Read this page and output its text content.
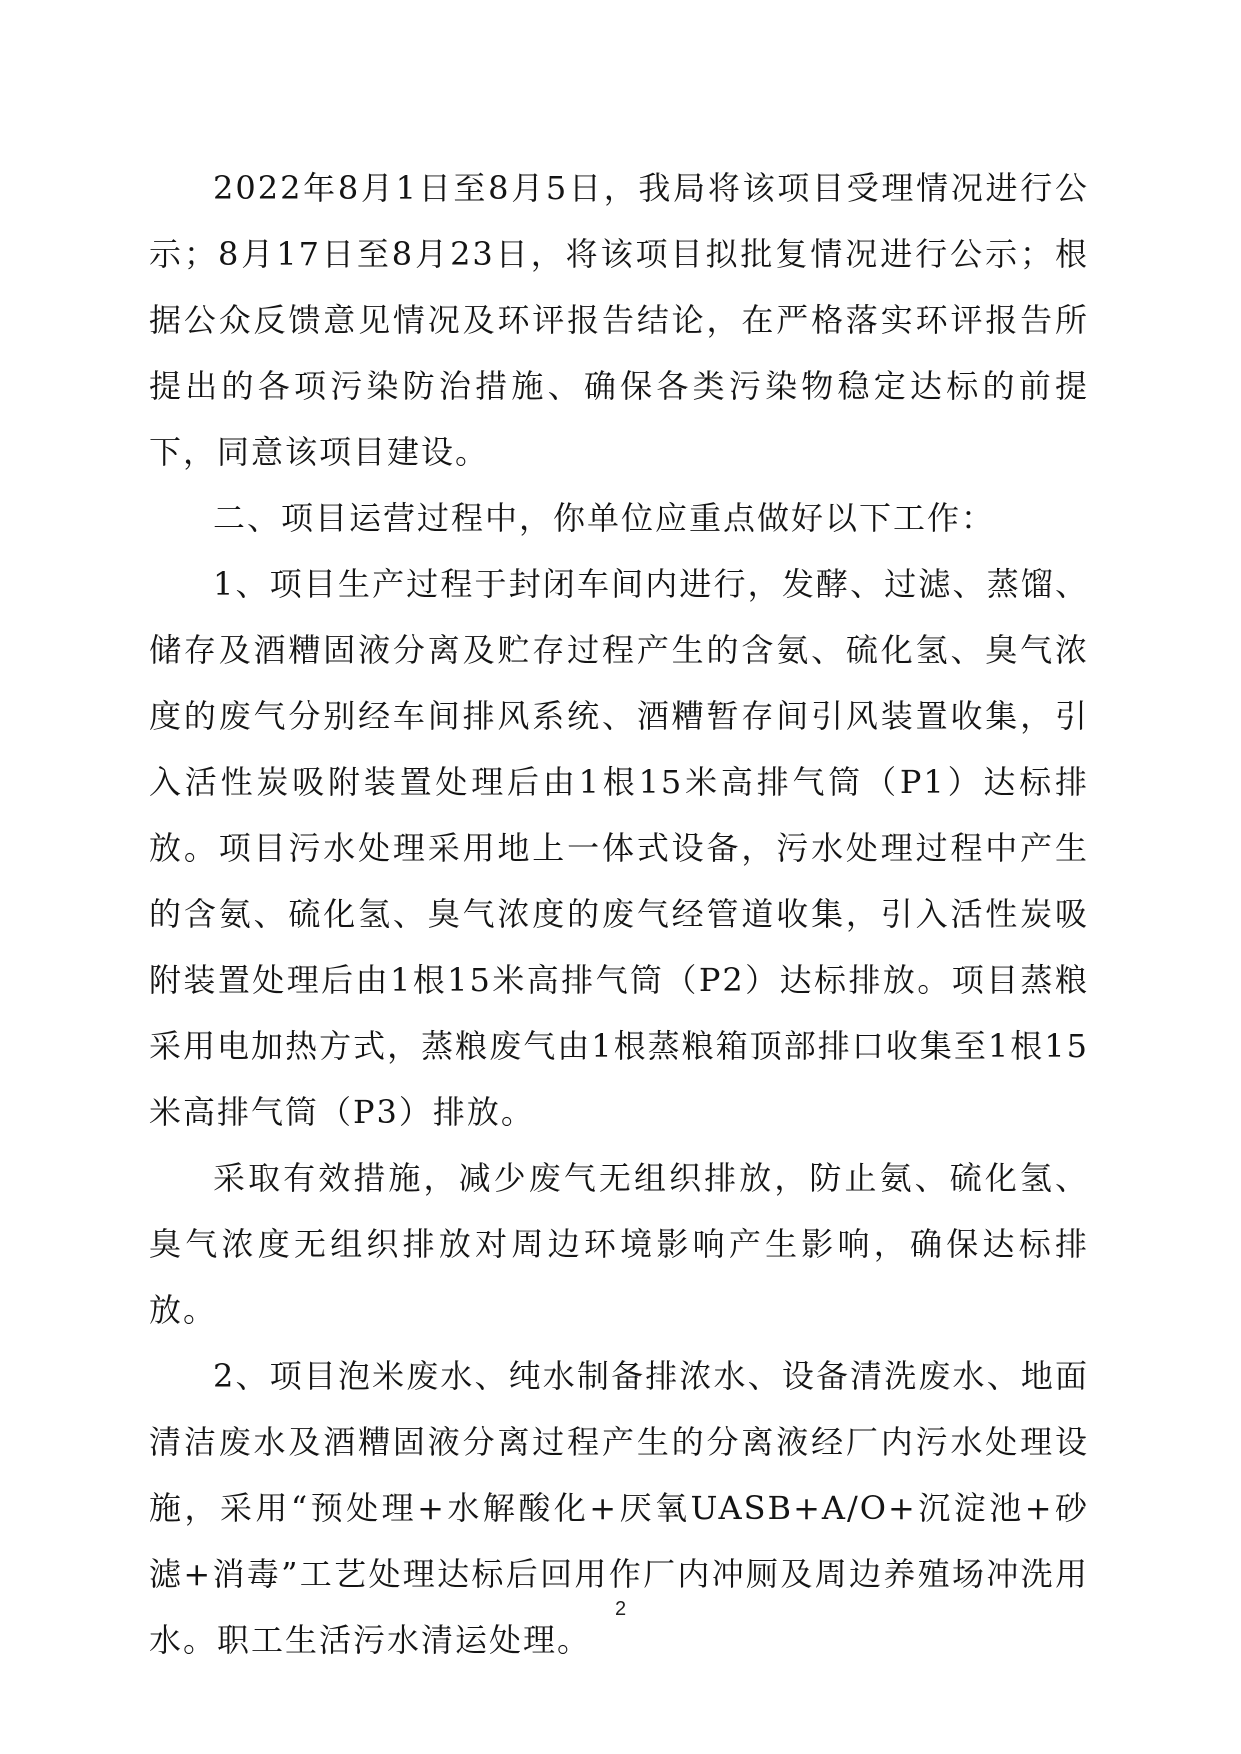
2022年8月1日至8月5日，我局将该项目受理情况进行公示；8月17日至8月23日，将该项目拟批复情况进行公示；根据公众反馈意见情况及环评报告结论，在严格落实环评报告所提出的各项污染防治措施、确保各类污染物稳定达标的前提下，同意该项目建设。

二、项目运营过程中，你单位应重点做好以下工作：

1、项目生产过程于封闭车间内进行，发酵、过滤、蒸馏、储存及酒糟固液分离及贮存过程产生的含氨、硫化氢、臭气浓度的废气分别经车间排风系统、酒糟暂存间引风装置收集，引入活性炭吸附装置处理后由1根15米高排气筒（P1）达标排放。项目污水处理采用地上一体式设备，污水处理过程中产生的含氨、硫化氢、臭气浓度的废气经管道收集，引入活性炭吸附装置处理后由1根15米高排气筒（P2）达标排放。项目蒸粮采用电加热方式，蒸粮废气由1根蒸粮箱顶部排口收集至1根15米高排气筒（P3）排放。

采取有效措施，减少废气无组织排放，防止氨、硫化氢、臭气浓度无组织排放对周边环境影响产生影响，确保达标排放。

2、项目泡米废水、纯水制备排浓水、设备清洗废水、地面清洁废水及酒糟固液分离过程产生的分离液经厂内污水处理设施，采用“预处理+水解酸化+厌氧UASB+A/O+沉淀池+砂滤+消毒”工艺处理达标后回用作厂内冲厕及周边养殖场冲洗用水。职工生活污水清运处理。

2
